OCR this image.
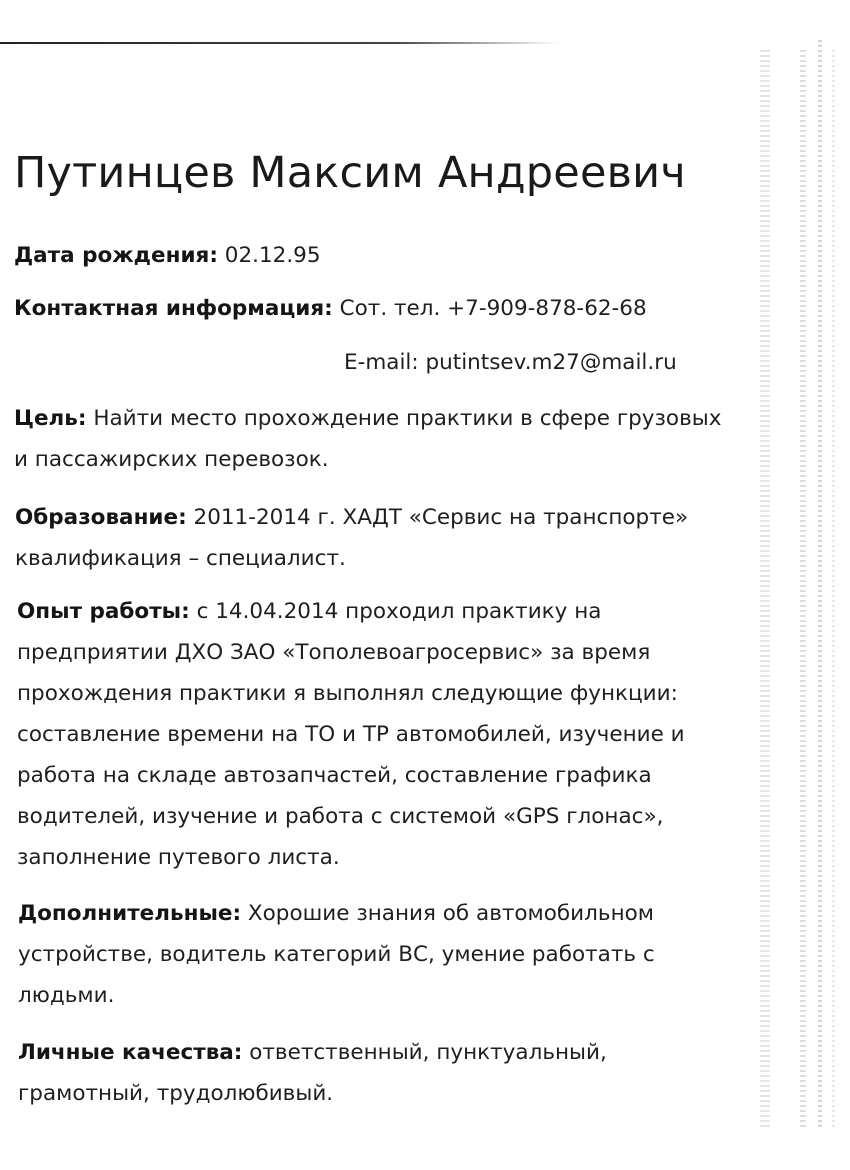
Путинцев Максим Андреевич

Дата рождения: 02.12.95

Контактная информация: Сот. тел. +7-909-878-62-68

E-mail: putintsev.m27@mail.ru

Цель: Найти место прохождение практики в сфере грузовых
и пассажирских перевозок.

Образование: 2011-2014 г. ХАДТ «Сервис на транспорте»
квалификация – специалист.

Опыт работы: с 14.04.2014 проходил практику на
предприятии ДХО ЗАО «Тополевоагросервис» за время
прохождения практики я выполнял следующие функции:
составление времени на ТО и ТР автомобилей, изучение и
работа на складе автозапчастей, составление графика
водителей, изучение и работа с системой «GPS глонас»,
заполнение путевого листа.

Дополнительные: Хорошие знания об автомобильном
устройстве, водитель категорий ВС, умение работать с
людьми.

Личные качества: ответственный, пунктуальный,
грамотный, трудолюбивый.
